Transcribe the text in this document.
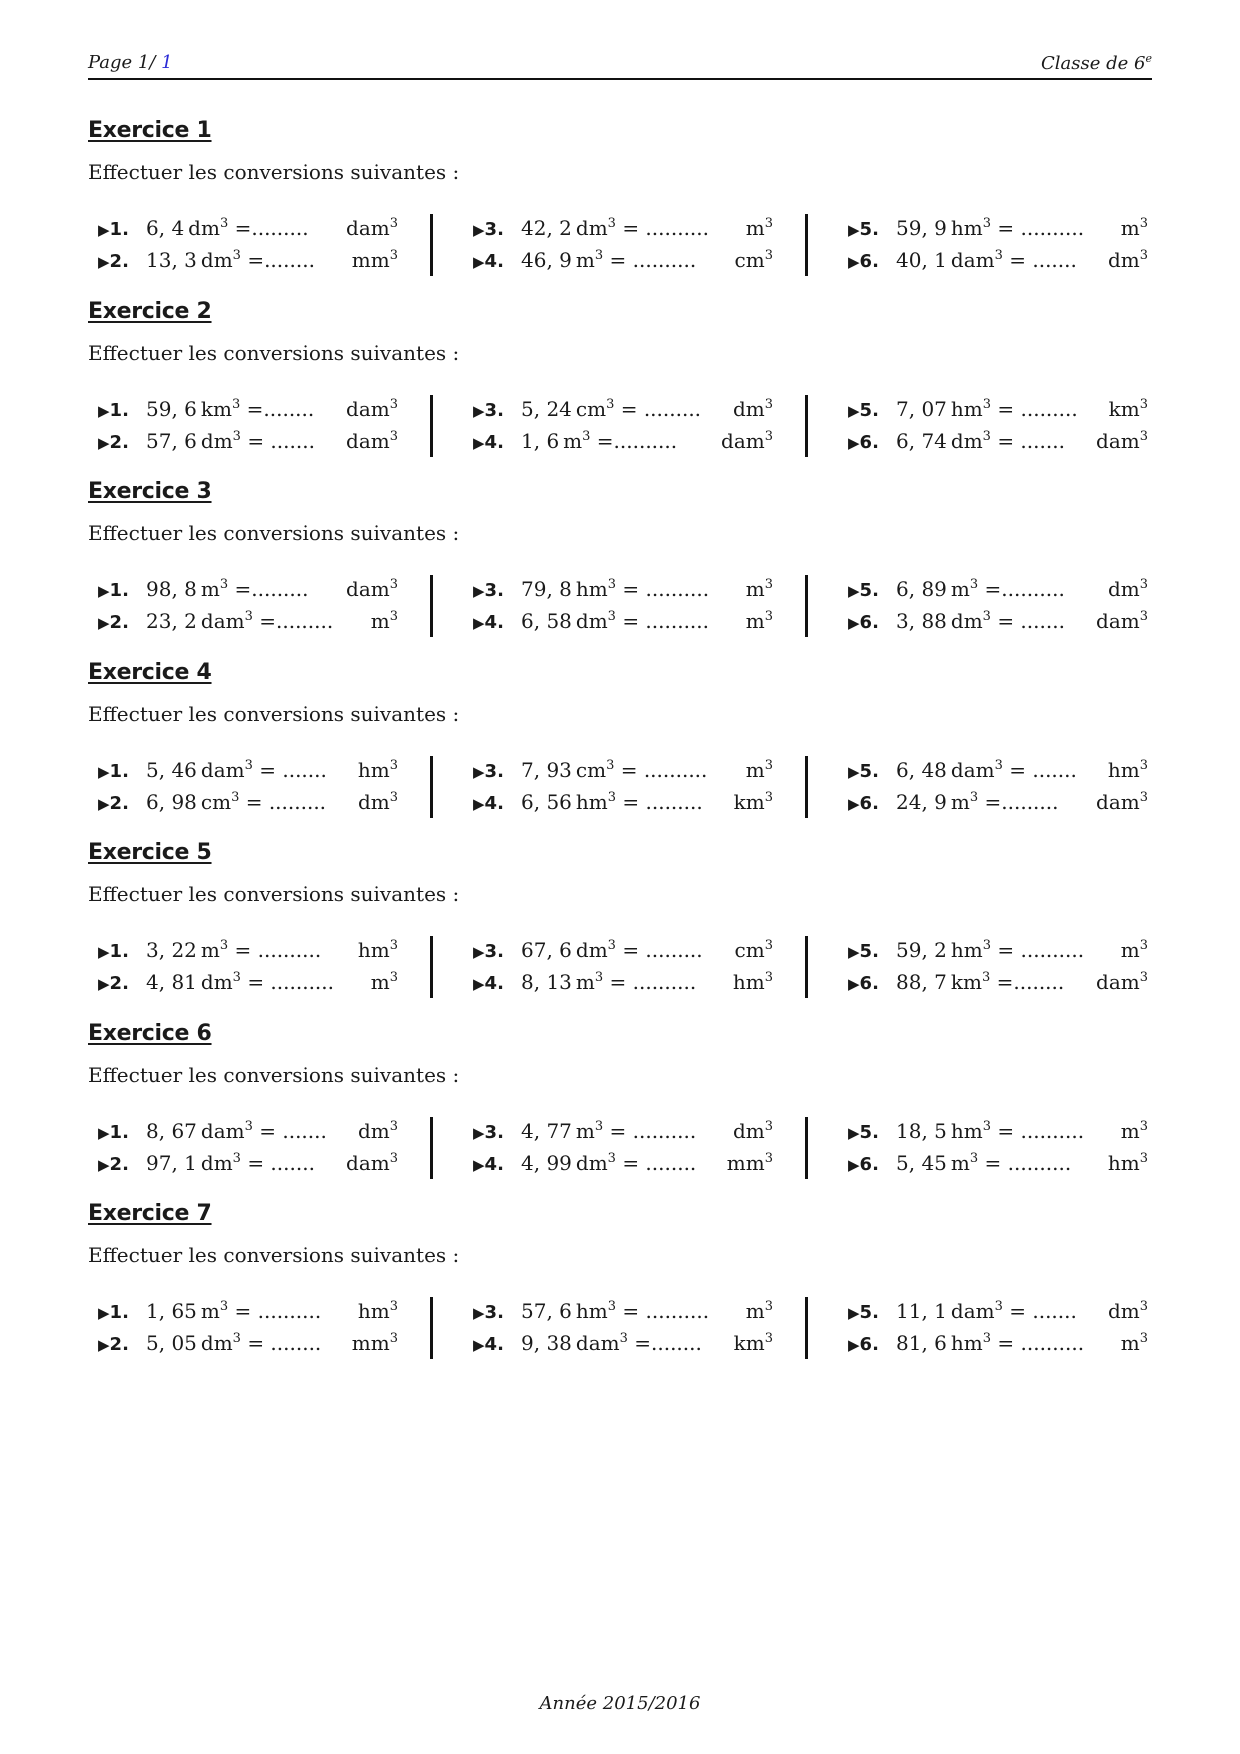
Page 1/ 1	Classe de 6e
Exercice 1
Effectuer les conversions suivantes :
▶1. 6, 4  $dm^3$ =......... dam$^3$
▶2. 13, 3  $dm^3$ =........ $mm^3$
▶3. 42, 2  $dm^3$ = .......... $m^3$
▶4. 46, 9  $m^3$ = .......... $cm^3$
▶5. 59, 9  $hm^3$ = .......... $m^3$
▶6. 40, 1  dam$^3$ = ....... $dm^3$
Exercice 2
Effectuer les conversions suivantes :
▶1. 59, 6  $km^3$ =........ dam$^3$
▶2. 57, 6  $dm^3$ = ....... dam$^3$
▶3. 5, 24  $cm^3$ = ......... $dm^3$
▶4. 1, 6  $m^3$ =.......... dam$^3$
▶5. 7, 07  $hm^3$ = ......... $km^3$
▶6. 6, 74  $dm^3$ = ....... dam$^3$
Exercice 3
Effectuer les conversions suivantes :
▶1. 98, 8  $m^3$ =......... dam$^3$
▶2. 23, 2  dam$^3$ =......... $m^3$
▶3. 79, 8  $hm^3$ = .......... $m^3$
▶4. 6, 58  $dm^3$ = .......... $m^3$
▶5. 6, 89  $m^3$ =.......... $dm^3$
▶6. 3, 88  $dm^3$ = ....... dam$^3$
Exercice 4
Effectuer les conversions suivantes :
▶1. 5, 46  dam$^3$ = ....... $hm^3$
▶2. 6, 98  $cm^3$ = ......... $dm^3$
▶3. 7, 93  $cm^3$ = .......... $m^3$
▶4. 6, 56  $hm^3$ = ......... $km^3$
▶5. 6, 48  dam$^3$ = ....... $hm^3$
▶6. 24, 9  $m^3$ =......... dam$^3$
Exercice 5
Effectuer les conversions suivantes :
▶1. 3, 22  $m^3$ = .......... $hm^3$
▶2. 4, 81  $dm^3$ = .......... $m^3$
▶3. 67, 6  $dm^3$ = ......... $cm^3$
▶4. 8, 13  $m^3$ = .......... $hm^3$
▶5. 59, 2  $hm^3$ = .......... $m^3$
▶6. 88, 7  $km^3$ =........ dam$^3$
Exercice 6
Effectuer les conversions suivantes :
▶1. 8, 67  dam$^3$ = ....... $dm^3$
▶2. 97, 1  $dm^3$ = ....... dam$^3$
▶3. 4, 77  $m^3$ = .......... $dm^3$
▶4. 4, 99  $dm^3$ = ........ $mm^3$
▶5. 18, 5  $hm^3$ = .......... $m^3$
▶6. 5, 45  $m^3$ = .......... $hm^3$
Exercice 7
Effectuer les conversions suivantes :
▶1. 1, 65  $m^3$ = .......... $hm^3$
▶2. 5, 05  $dm^3$ = ........ $mm^3$
▶3. 57, 6  $hm^3$ = .......... $m^3$
▶4. 9, 38  dam$^3$ =........ $km^3$
▶5. 11, 1  dam$^3$ = ....... $dm^3$
▶6. 81, 6  $hm^3$ = .......... $m^3$
Année 2015/2016
